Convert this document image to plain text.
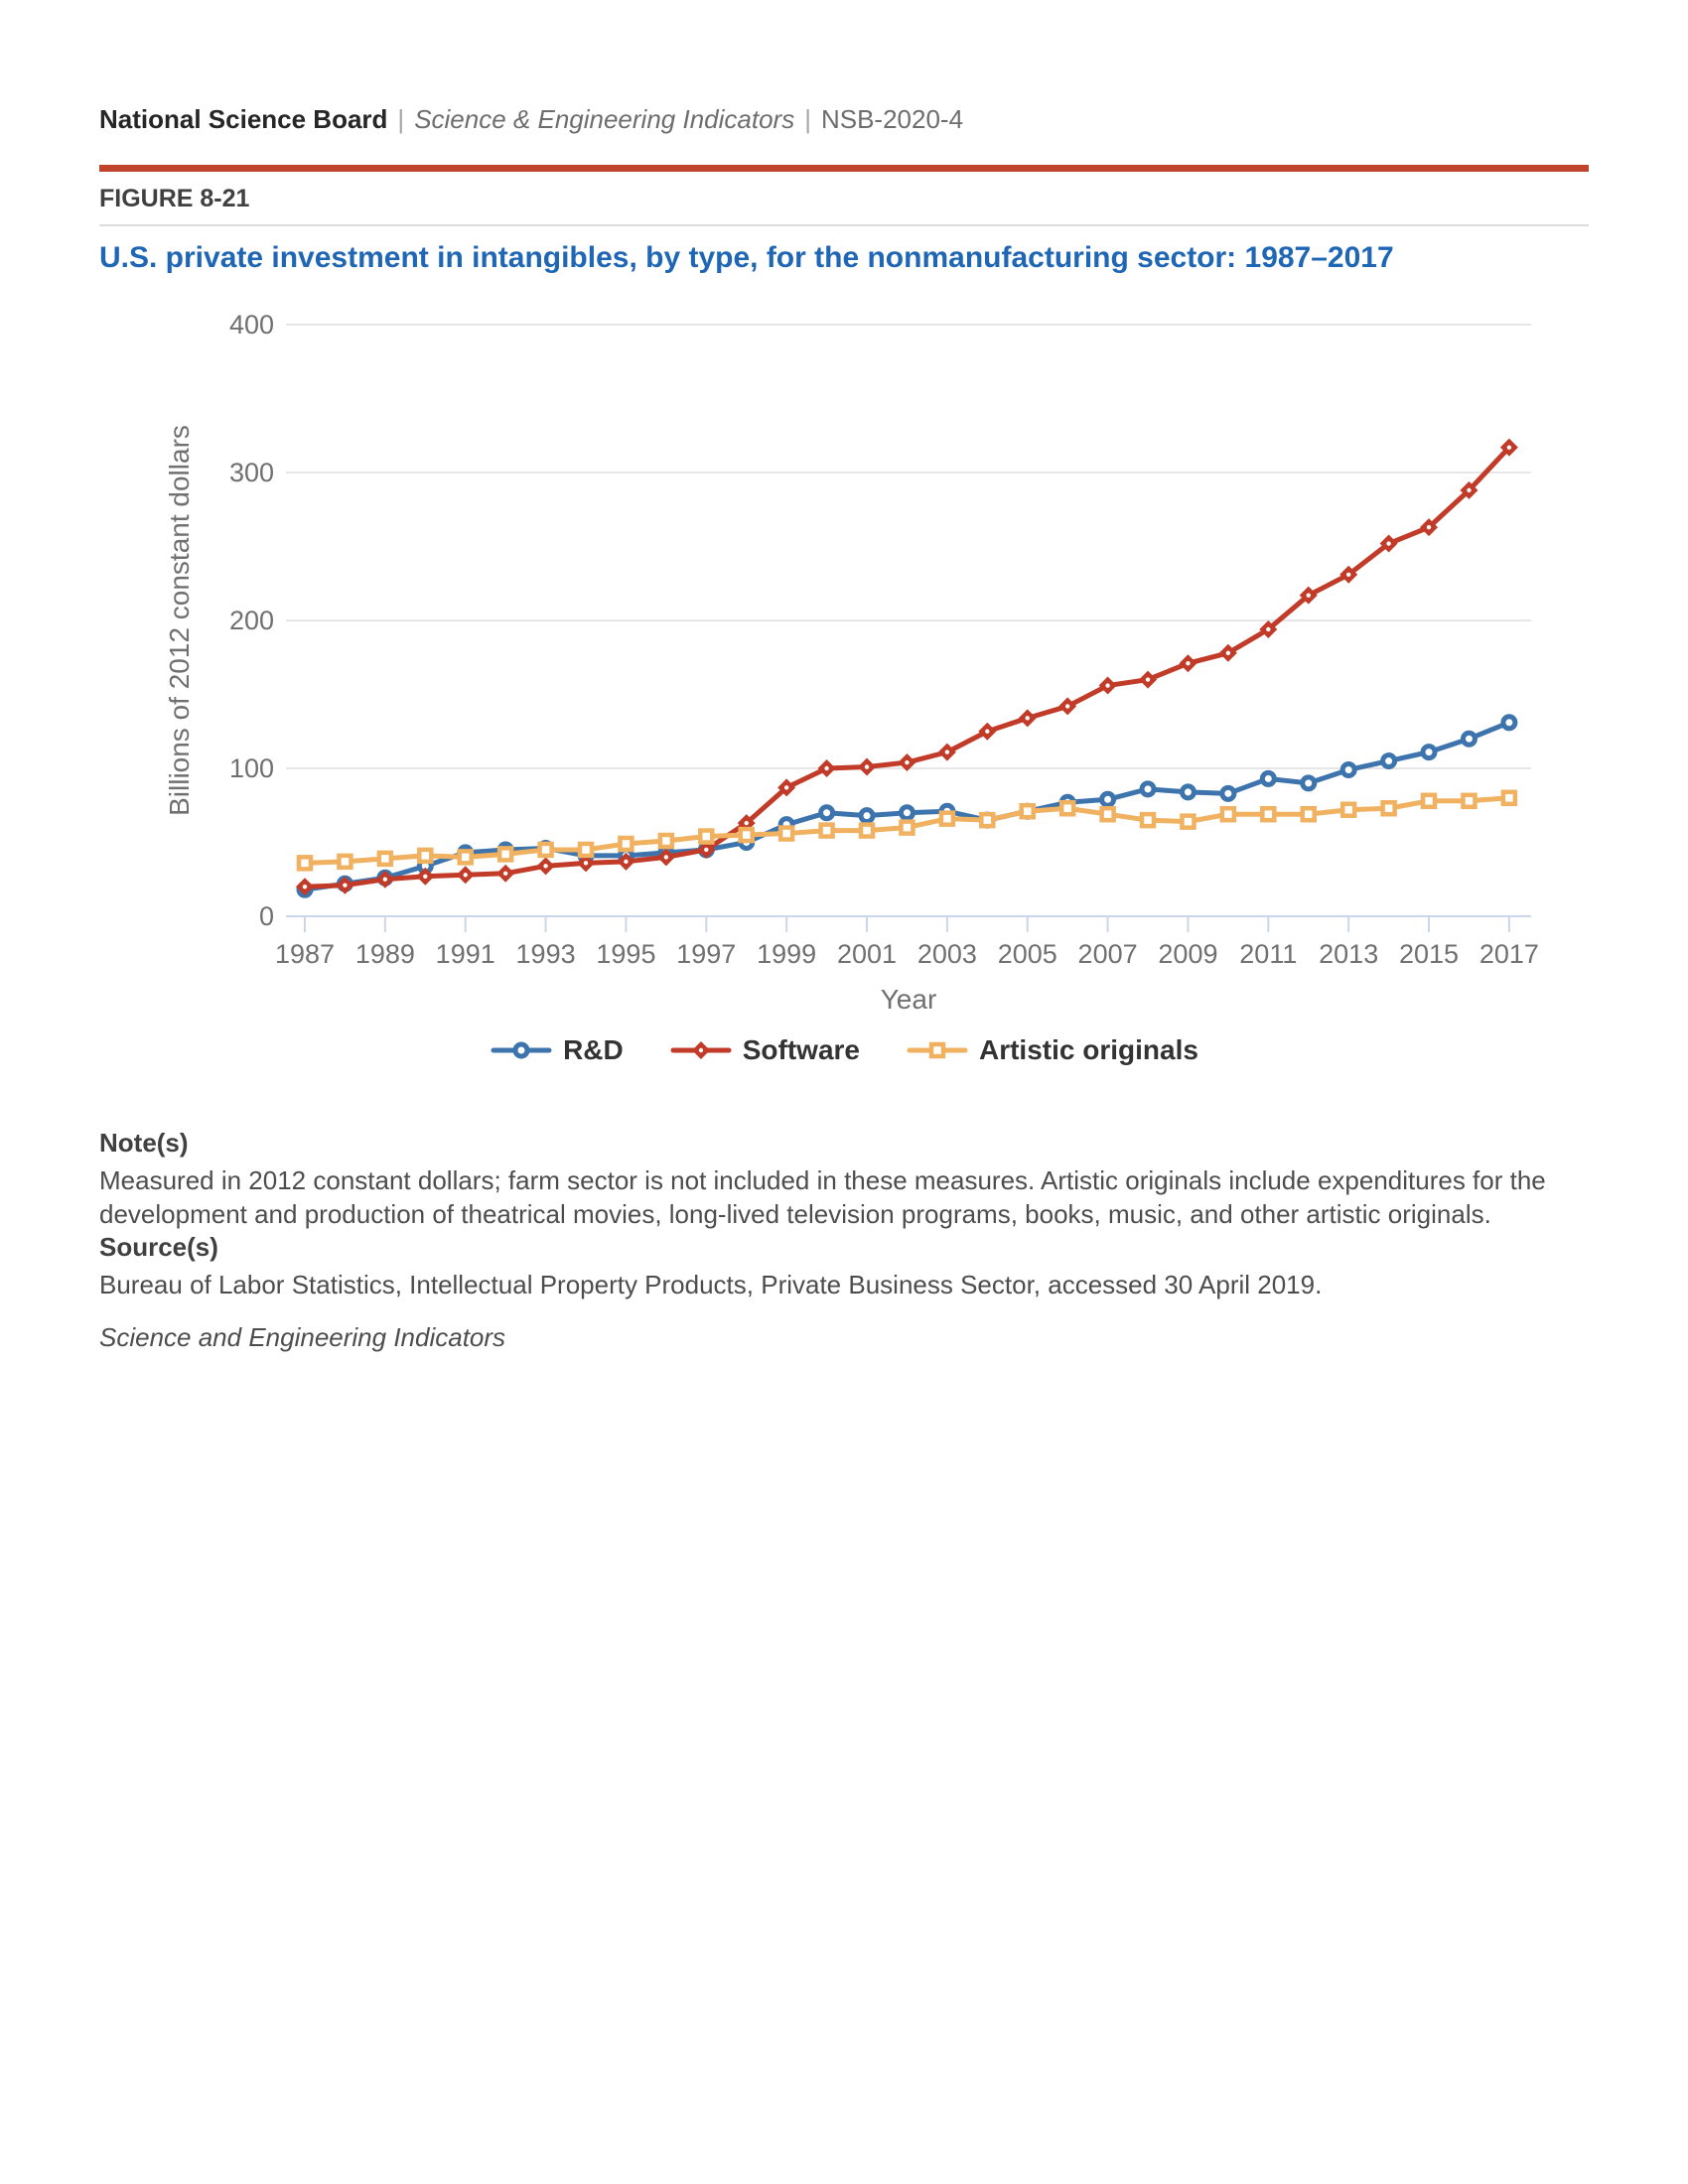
National Science Board | Science & Engineering Indicators | NSB-2020-4
FIGURE 8-21
U.S. private investment in intangibles, by type, for the nonmanufacturing sector: 1987–2017
0
100
200
300
400
Billions of 2012 constant dollars
1987 1989 1991 1993 1995 1997 1999 2001 2003 2005 2007 2009 2011 2013 2015 2017
Year
R&D	Software	Artistic originals
Note(s)
Measured in 2012 constant dollars; farm sector is not included in these measures. Artistic originals include expenditures for the development and production of theatrical movies, long-lived television programs, books, music, and other artistic originals.
Source(s)
Bureau of Labor Statistics, Intellectual Property Products, Private Business Sector, accessed 30 April 2019.
Science and Engineering Indicators
